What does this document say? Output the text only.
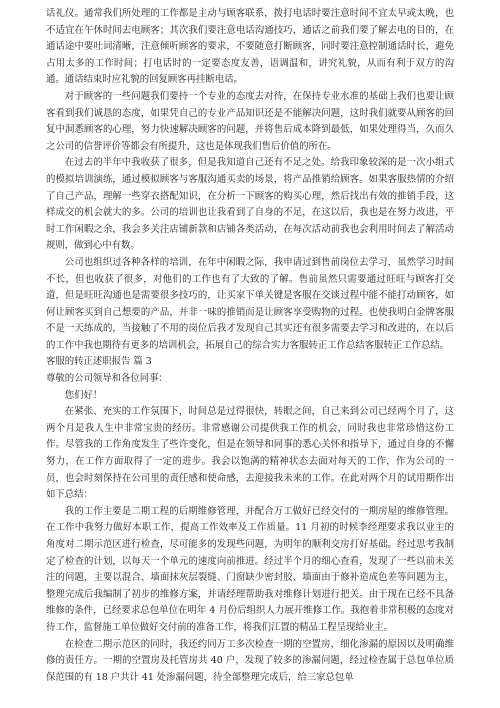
话礼仪。通常我们所处理的工作都是主动与顾客联系，拨打电话时要注意时间不宜太早或太晚，也不适宜在午休时间去电顾客；其次我们要注意电话沟通技巧，通话之前我们要了解去电的目的，在通话途中要吐词清晰，注意倾听顾客的要求，不要随意打断顾客，同时要注意控制通话时长，避免占用太多的工作时间；打电话时的一定要态度友善，语调温和，讲究礼貌，从而有利于双方的沟通。通话结束时应礼貌的回复顾客再挂断电话。

对于顾客的一些问题我们要持一个专业的态度去对待，在保持专业水准的基础上我们也要让顾客看到我们诚恳的态度，如果凭自己的专业产品知识还是不能解决问题，这时我们就要从顾客的回复中洞悉顾客的心理，努力快速解决顾客的问题，并将售后成本降到最低，如果处理得当，久而久之公司的信誉评价等都会有所提升，这也是体现我们售后价值的所在。

在过去的半年中我收获了很多，但是我知道自己还有不足之处。给我印象较深的是一次小组式的模拟培训演练，通过模拟顾客与客服沟通买卖的场景，将产品推销给顾客。如果客服热情的介绍了自己产品，理解一些穿衣搭配知识，在分析一下顾客的购买心理，然后找出有效的推销手段，这样成交的机会就大的多。公司的培训也让我看到了自身的不足，在这以后，我也是在努力改进，平时工作闲暇之余，我会多关注店铺新款和店铺各类活动，在每次活动前我也会利用时间去了解活动规则，做到心中有数。

公司也组织过各种各样的培训，在年中闲暇之际，我申请过到售前岗位去学习，虽然学习时间不长，但也收获了很多，对他们的工作也有了大致的了解。售前虽然只需要通过旺旺与顾客打交道，但是旺旺沟通也是需要很多技巧的，让买家下单关键是客服在交谈过程中能不能打动顾客，如何让顾客买到自己想要的产品，并非一味的推销而是让顾客享受购物的过程。也使我明白金牌客服不是一天练成的，当接触了不用的岗位后我才发现自己其实还有很多需要去学习和改进的，在以后的工作中我也期待有更多的培训机会，拓展自己的综合实力客服转正工作总结客服转正工作总结。

客服的转正述职报告 篇 3

尊敬的公司领导和各位同事：

您们好！

在紧张、充实的工作氛围下，时间总是过得很快，转眼之间，自己来到公司已经两个月了，这两个月是我人生中非常宝贵的经历。非常感谢公司提供我工作的机会，同时我也非常珍惜这份工作。尽管我的工作角度发生了些许变化，但是在领导和同事的悉心关怀和指导下，通过自身的不懈努力，在工作方面取得了一定的进步。我会以饱满的精神状态去面对每天的工作，作为公司的一员，也会时刻保持在公司里的责任感和使命感，去迎接我未来的工作。在此对两个月的试用期作出如下总结：

我的工作主要是二期工程的后期维修管理，并配合万工做好已经交付的一期房屋的维修管理。在工作中我努力做好本职工作，提高工作效率及工作质量。11 月初的时候李经理要求我以业主的角度对二期示范区进行检查，尽可能多的发现些问题，为明年的顺利交房打好基础。经过思考我制定了检查的计划，以每天一个单元的速度向前推进。经过半个月的细心查看，发现了一些以前未关注的问题，主要以混合、墙面抹灰层裂缝、门窗缺少密封胶、墙面由于修补造成色差等问题为主，整理完成后我编制了初步的维修方案，并请经理帮助我对维修计划进行把关。由于现在已经不具备维修的条件，已经要求总包单位在明年 4 月份后组织人力展开维修工作。我抱着非常积极的态度对待工作，监督施工单位做好交付前的准备工作，将我们江置的精品工程呈现给业主。

在检查二期示范区的同时，我还约同万工多次检查一期的空置房，细化渗漏的原因以及明确维修的责任方。一期的空置房及托管房共 40 户，发现了较多的渗漏问题，经过检查属于总包单位质保范围的有 18 户共计 41 处渗漏问题，待全部整理完成后，给三家总包单
